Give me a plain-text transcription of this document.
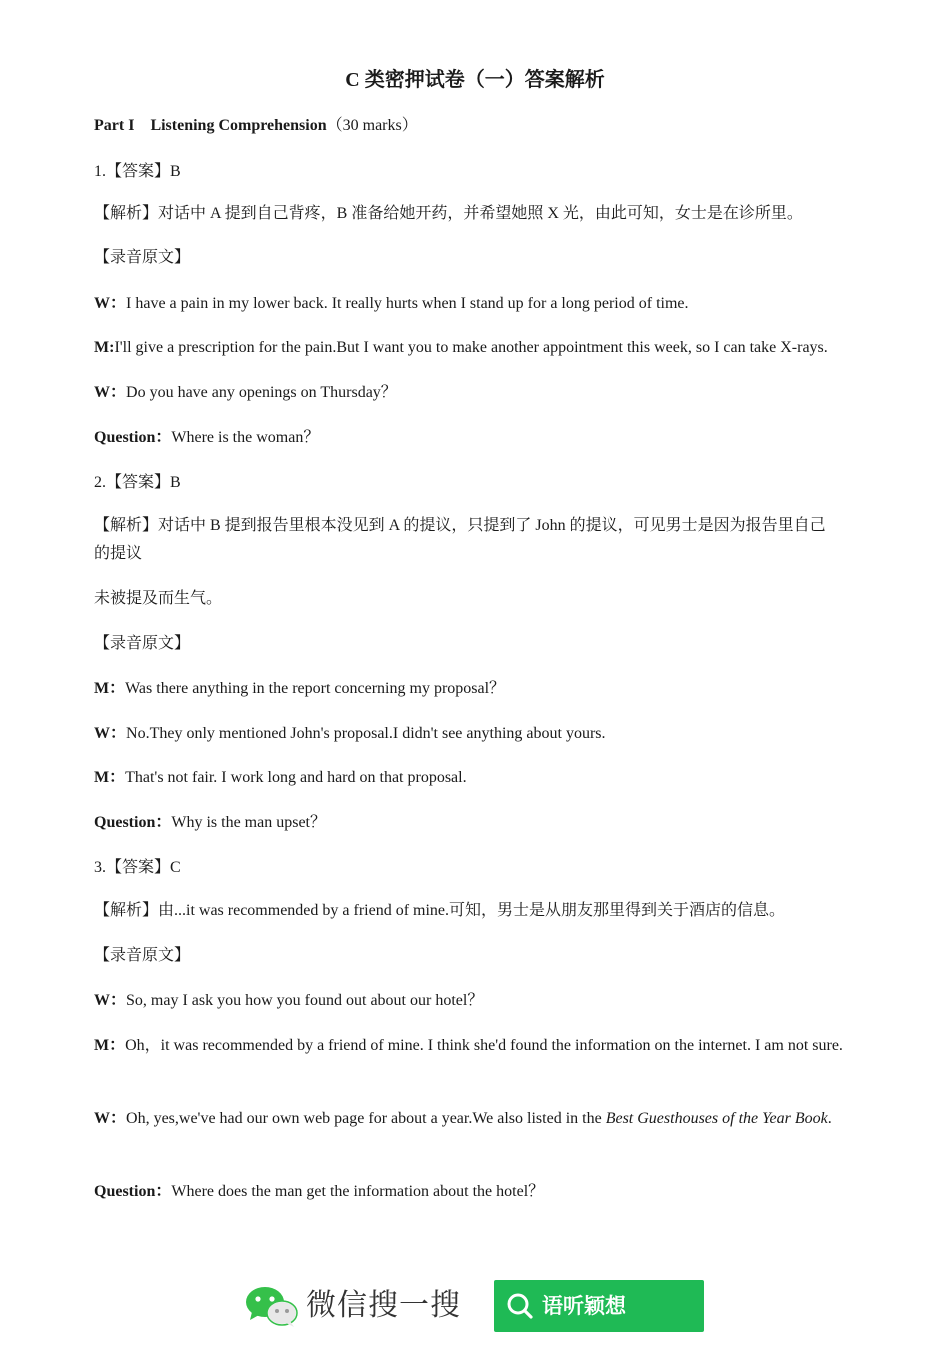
C 类密押试卷（一）答案解析
Part I Listening Comprehension（30 marks）
1.【答案】B
【解析】对话中 A 提到自己背疼，B 准备给她开药，并希望她照 X 光，由此可知，女士是在诊所里。
【录音原文】
W：I have a pain in my lower back. It really hurts when I stand up for a long period of time.
M:I'll give a prescription for the pain.But I want you to make another appointment this week, so I can take X-rays.
W：Do you have any openings on Thursday？
Question：Where is the woman？
2.【答案】B
【解析】对话中 B 提到报告里根本没见到 A 的提议，只提到了 John 的提议，可见男士是因为报告里自己
的提议
未被提及而生气。
【录音原文】
M：Was there anything in the report concerning my proposal？
W：No.They only mentioned John's proposal.I didn't see anything about yours.
M：That's not fair. I work long and hard on that proposal.
Question：Why is the man upset？
3.【答案】C
【解析】由...it was recommended by a friend of mine.可知，男士是从朋友那里得到关于酒店的信息。
【录音原文】
W：So, may I ask you how you found out about our hotel？
M：Oh，it was recommended by a friend of mine. I think she'd found the information on the internet. I am not sure.
W：Oh, yes,we've had our own web page for about a year.We also listed in the Best Guesthouses of the Year Book.
Question：Where does the man get the information about the hotel？
微信搜一搜	语听颖想
